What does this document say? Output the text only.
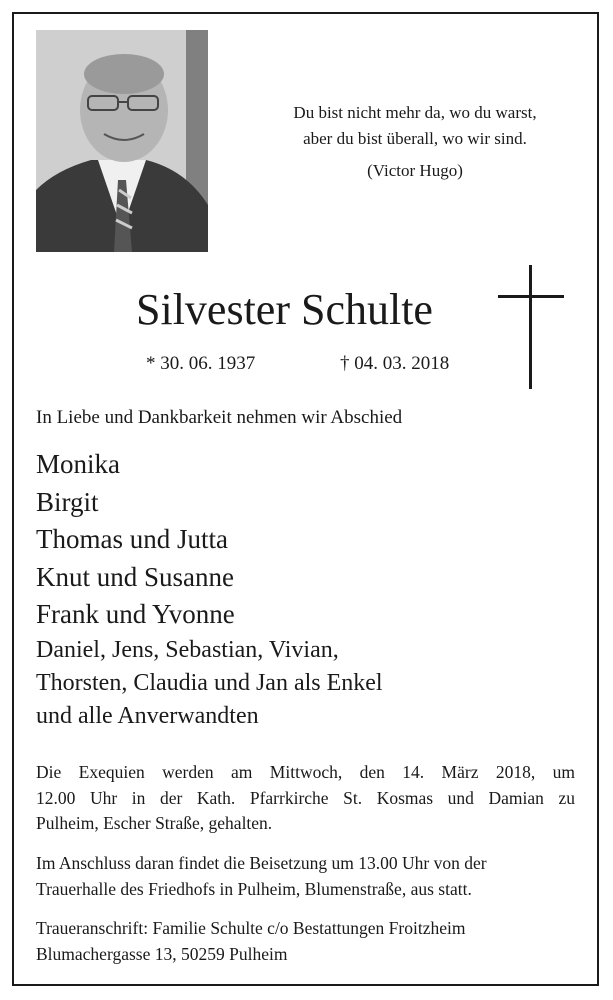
Du bist nicht mehr da, wo du warst,
aber du bist überall, wo wir sind.
(Victor Hugo)
Silvester Schulte
* 30. 06. 1937	† 04. 03. 2018
In Liebe und Dankbarkeit nehmen wir Abschied
Monika
Birgit
Thomas und Jutta
Knut und Susanne
Frank und Yvonne
Daniel, Jens, Sebastian, Vivian,
Thorsten, Claudia und Jan als Enkel
und alle Anverwandten
Die Exequien werden am Mittwoch, den 14. März 2018, um
12.00 Uhr in der Kath. Pfarrkirche St. Kosmas und Damian zu
Pulheim, Escher Straße, gehalten.
Im Anschluss daran findet die Beisetzung um 13.00 Uhr von der
Trauerhalle des Friedhofs in Pulheim, Blumenstraße, aus statt.
Traueranschrift: Familie Schulte c/o Bestattungen Froitzheim
Blumachergasse 13, 50259 Pulheim
